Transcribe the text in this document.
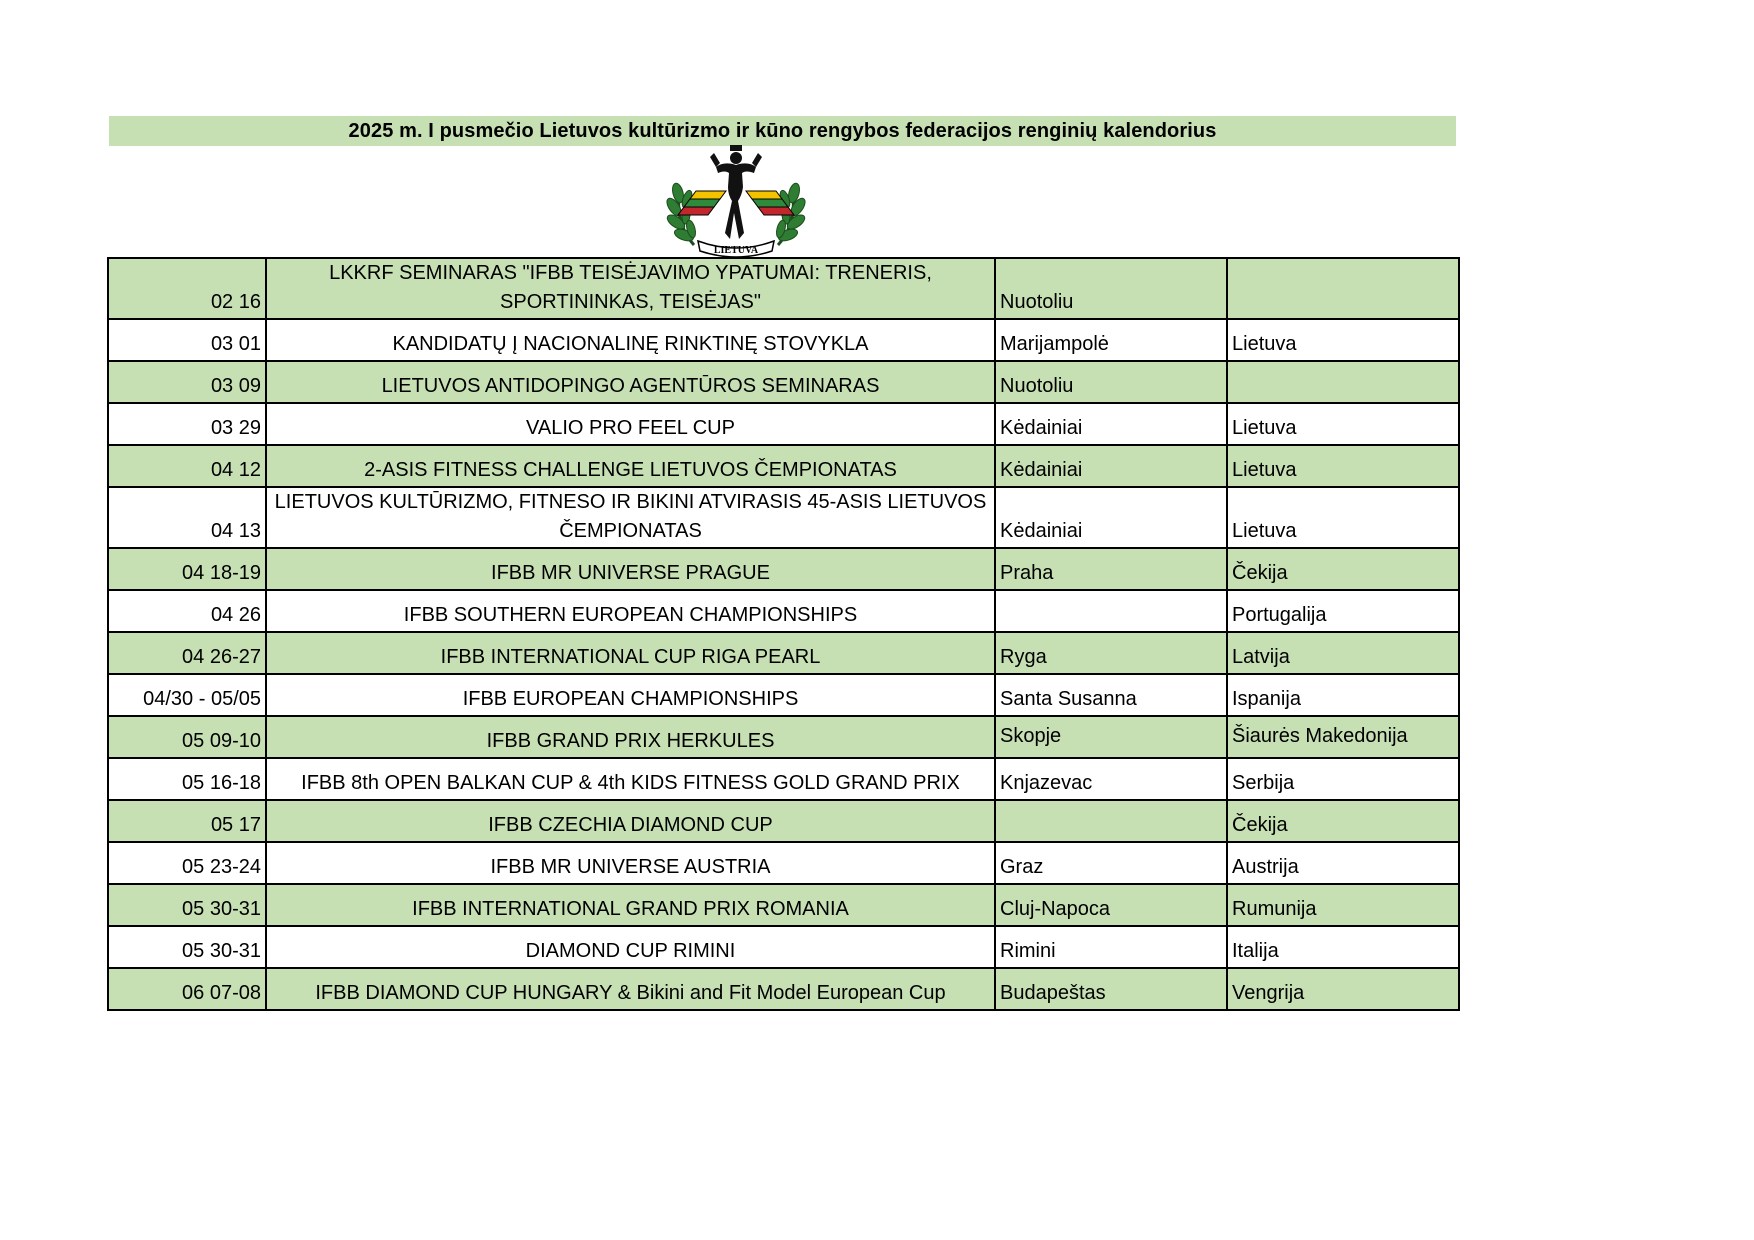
2025 m. I pusmečio Lietuvos kultūrizmo ir kūno rengybos federacijos renginių kalendorius
LIETUVA
02 16	LKKRF SEMINARAS "IFBB TEISĖJAVIMO YPATUMAI: TRENERIS, SPORTININKAS, TEISĖJAS"	Nuotoliu	
03 01	KANDIDATŲ Į NACIONALINĘ RINKTINĘ STOVYKLA	Marijampolė	Lietuva
03 09	LIETUVOS ANTIDOPINGO AGENTŪROS SEMINARAS	Nuotoliu	
03 29	VALIO PRO FEEL CUP	Kėdainiai	Lietuva
04 12	2-ASIS FITNESS CHALLENGE LIETUVOS ČEMPIONATAS	Kėdainiai	Lietuva
04 13	LIETUVOS KULTŪRIZMO, FITNESO IR BIKINI ATVIRASIS 45-ASIS LIETUVOS ČEMPIONATAS	Kėdainiai	Lietuva
04 18-19	IFBB MR UNIVERSE PRAGUE	Praha	Čekija
04 26	IFBB SOUTHERN EUROPEAN CHAMPIONSHIPS		Portugalija
04 26-27	IFBB INTERNATIONAL CUP RIGA PEARL	Ryga	Latvija
04/30 - 05/05	IFBB EUROPEAN CHAMPIONSHIPS	Santa Susanna	Ispanija
05 09-10	IFBB GRAND PRIX HERKULES	Skopje	Šiaurės Makedonija
05 16-18	IFBB 8th OPEN BALKAN CUP & 4th KIDS FITNESS GOLD GRAND PRIX	Knjazevac	Serbija
05 17	IFBB CZECHIA DIAMOND CUP		Čekija
05 23-24	IFBB MR UNIVERSE AUSTRIA	Graz	Austrija
05 30-31	IFBB INTERNATIONAL GRAND PRIX ROMANIA	Cluj-Napoca	Rumunija
05 30-31	DIAMOND CUP RIMINI	Rimini	Italija
06 07-08	IFBB DIAMOND CUP HUNGARY & Bikini and Fit Model European Cup	Budapeštas	Vengrija
